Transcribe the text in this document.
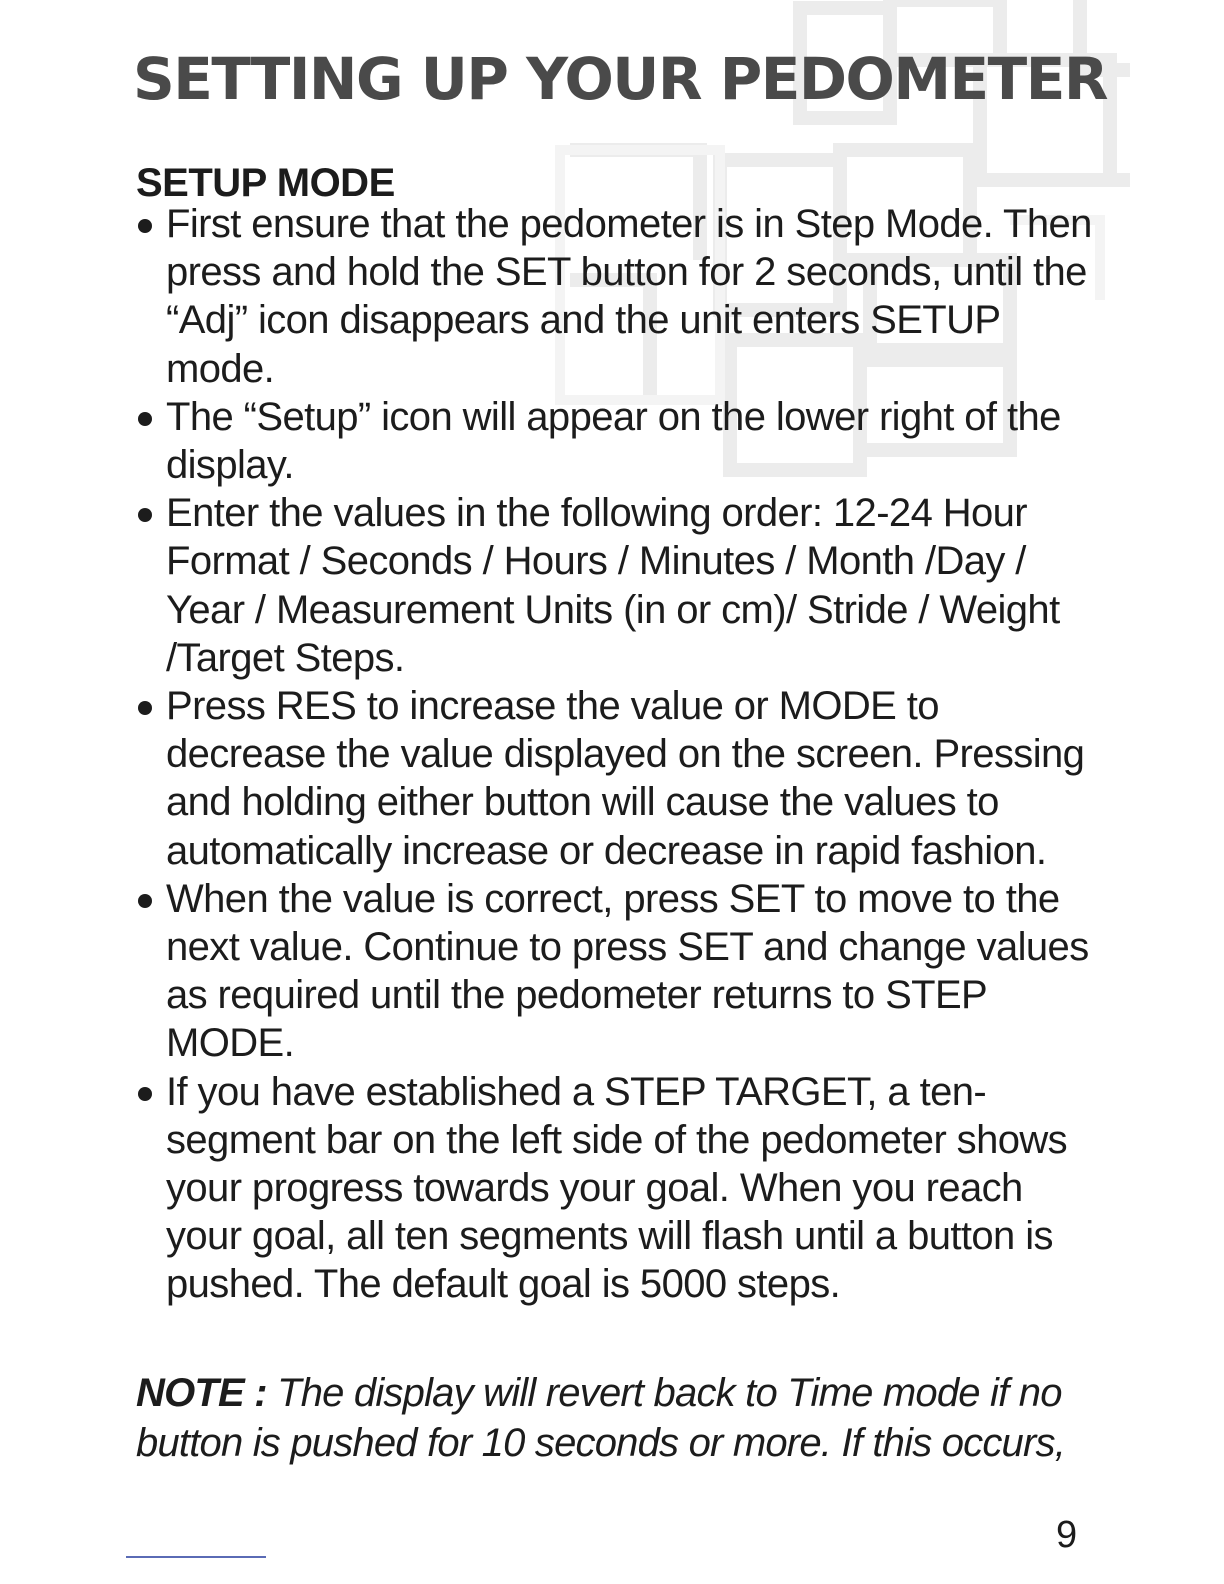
SETTING UP YOUR PEDOMETER
SETUP MODE
First ensure that the pedometer is in Step Mode. Then press and hold the SET button for 2 seconds, until the “Adj” icon disappears and the unit enters SETUP mode.
The “Setup” icon will appear on the lower right of the display.
Enter the values in the following order: 12-24 Hour Format / Seconds / Hours / Minutes / Month /Day / Year / Measurement Units (in or cm)/ Stride / Weight /Target Steps.
Press RES to increase the value or MODE to decrease the value displayed on the screen. Pressing and holding either button will cause the values to automatically increase or decrease in rapid fashion.
When the value is correct, press SET to move to the next value. Continue to press SET and change values as required until the pedometer returns to STEP MODE.
If you have established a STEP TARGET, a ten-segment bar on the left side of the pedometer shows your progress towards your goal. When you reach your goal, all ten segments will flash until a button is pushed. The default goal is 5000 steps.

NOTE : The display will revert back to Time mode if no button is pushed for 10 seconds or more. If this occurs,

9
